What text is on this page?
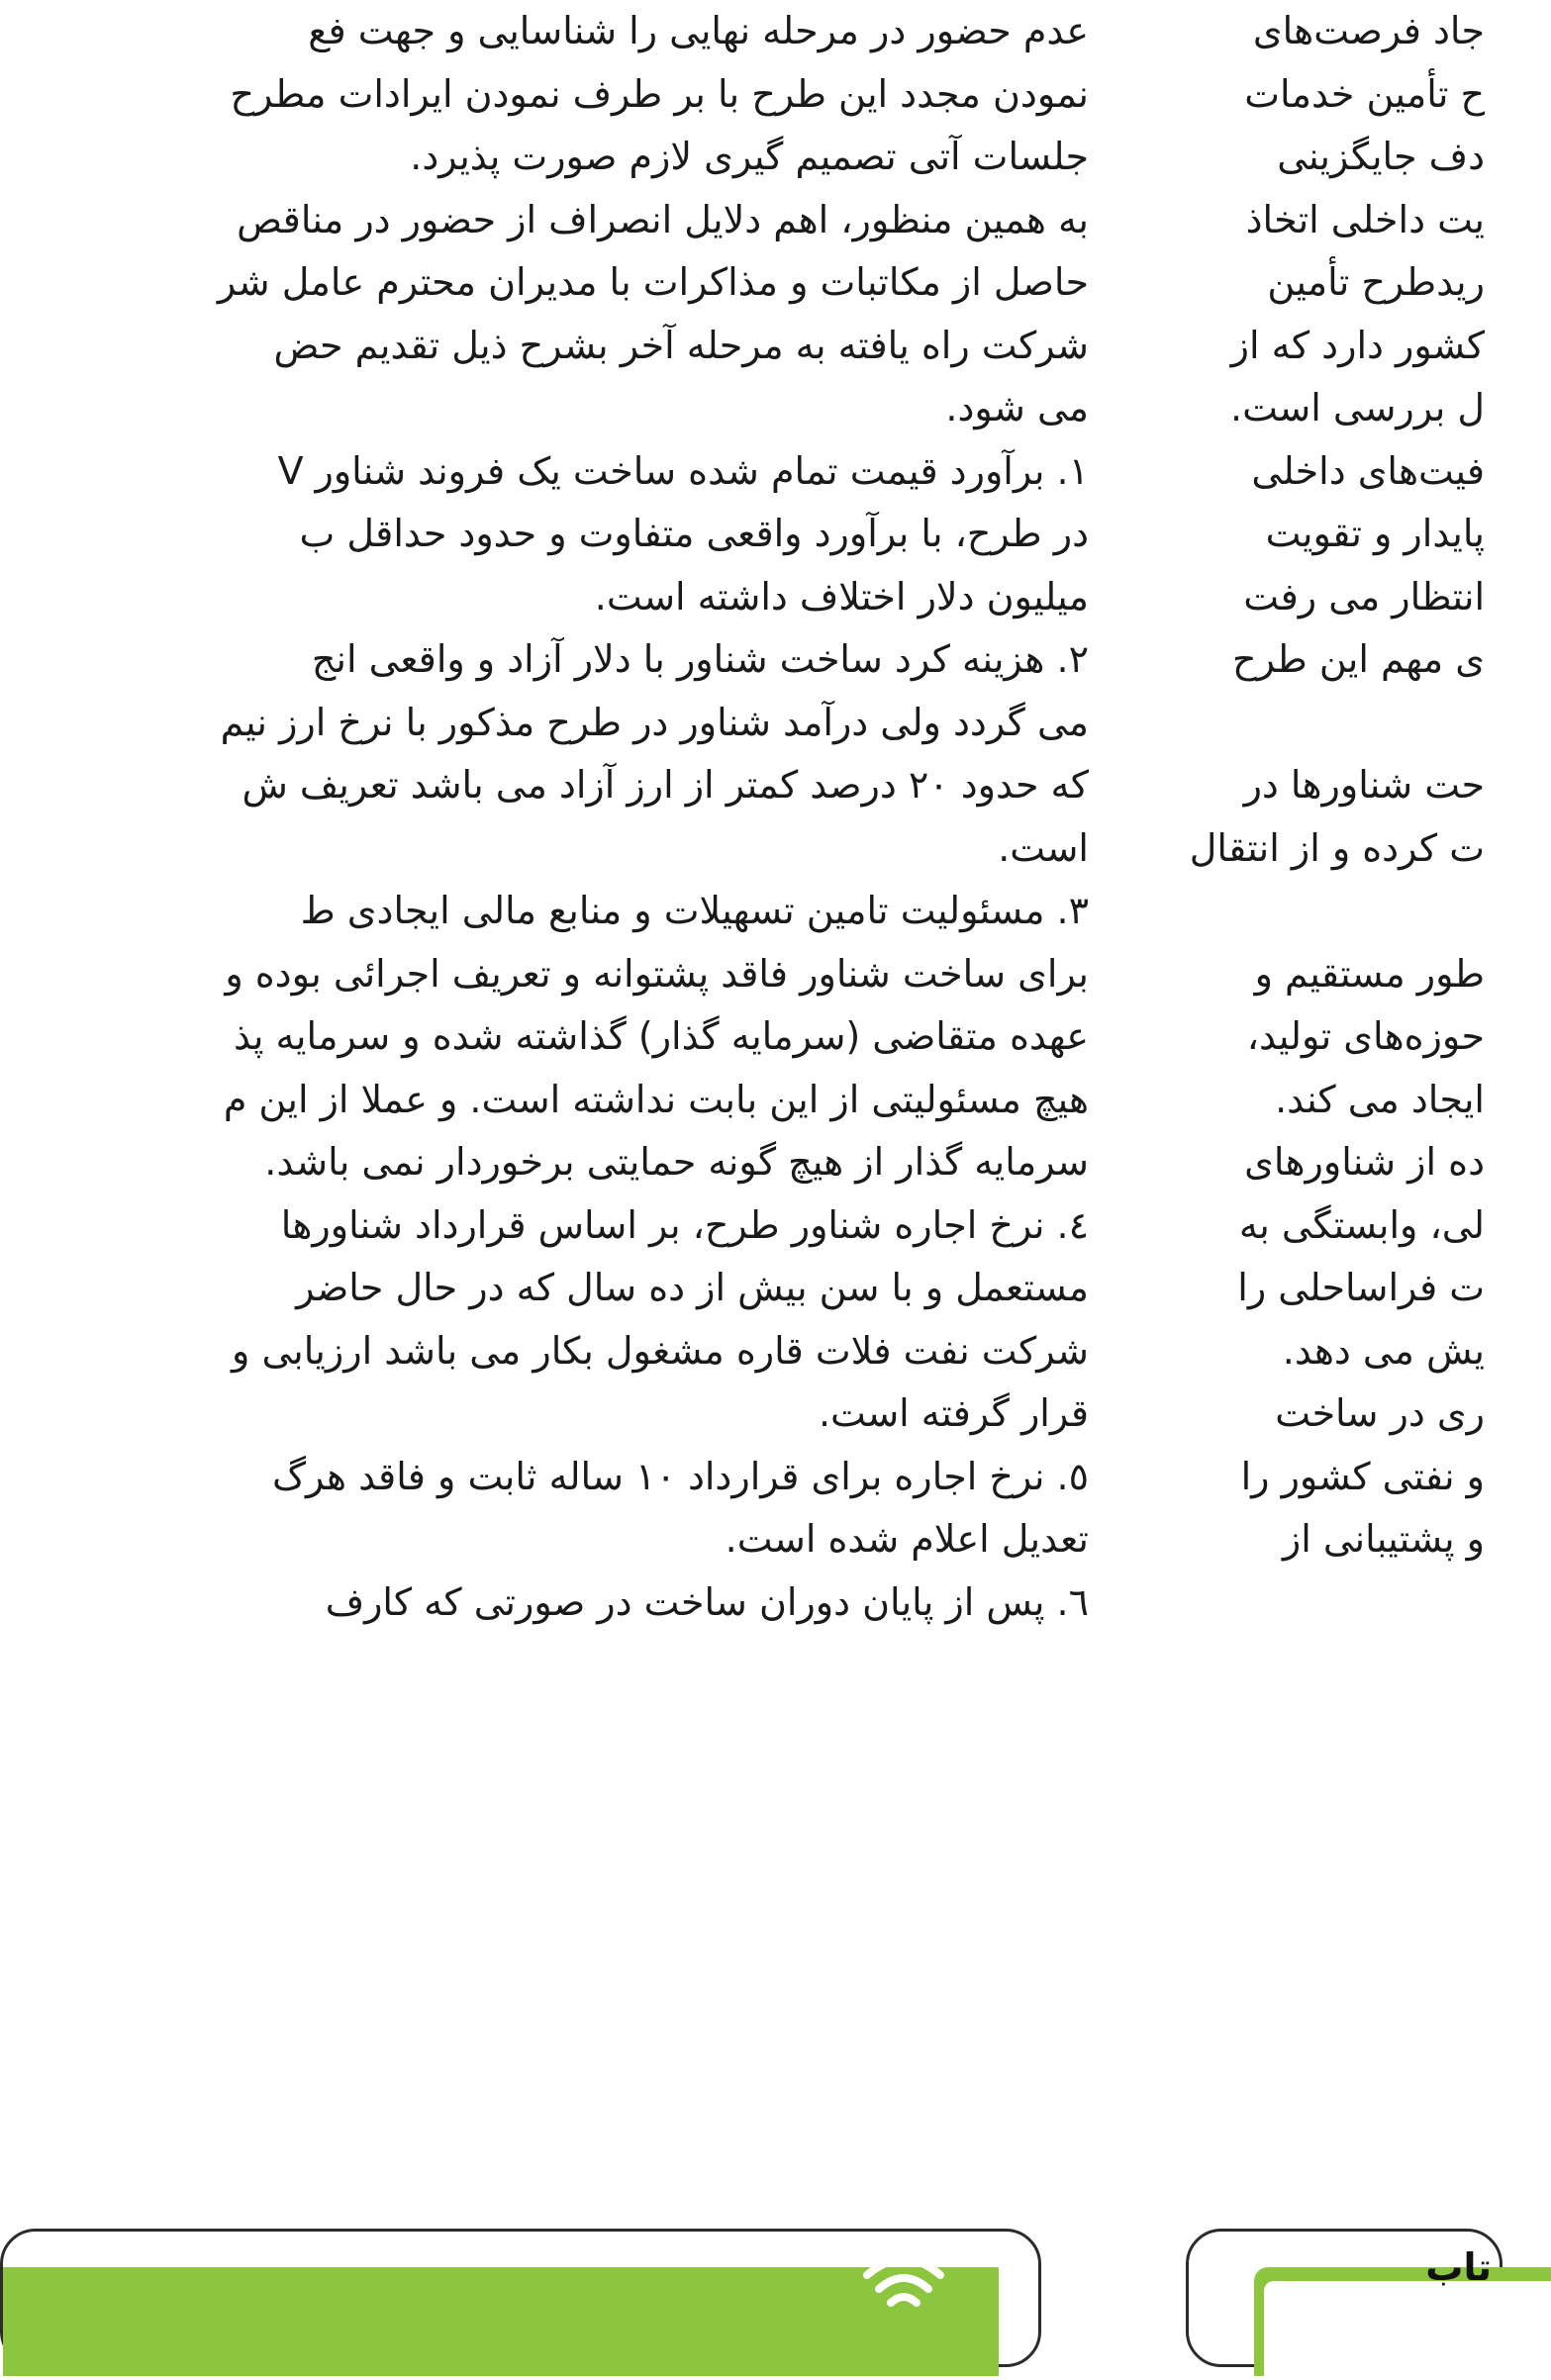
عدم حضور در مرحله نهایی را شناسایی و جهت فع
نمودن مجدد این طرح با بر طرف نمودن ایرادات مطرح
جلسات آتی تصمیم گیری لازم صورت پذیرد.
به همین منظور، اهم دلایل انصراف از حضور در مناقص
حاصل از مکاتبات و مذاکرات با مدیران محترم عامل شر
شرکت راه یافته به مرحله آخر بشرح ذیل تقدیم حض
می شود.
۱. برآورد قیمت تمام شده ساخت یک فروند شناور V
در طرح، با برآورد واقعی متفاوت و حدود حداقل ب
میلیون دلار اختلاف داشته است.
۲. هزینه کرد ساخت شناور با دلار آزاد و واقعی انج
می گردد ولی درآمد شناور در طرح مذکور با نرخ ارز نیم
که حدود ۲۰ درصد کمتر از ارز آزاد می باشد تعریف ش
است.
۳. مسئولیت تامین تسهیلات و منابع مالی ایجادی ط
برای ساخت شناور فاقد پشتوانه و تعریف اجرائی بوده و
عهده متقاضی (سرمایه گذار) گذاشته شده و سرمایه پذ
هیچ مسئولیتی از این بابت نداشته است. و عملا از این م
سرمایه گذار از هیچ گونه حمایتی برخوردار نمی باشد.
٤. نرخ اجاره شناور طرح، بر اساس قرارداد شناورها
مستعمل و با سن بیش از ده سال که در حال حاضر
شرکت نفت فلات قاره مشغول بکار می باشد ارزیابی و
قرار گرفته است.
٥. نرخ اجاره برای قرارداد ۱۰ ساله ثابت و فاقد هرگ
تعدیل اعلام شده است.
٦. پس از پایان دوران ساخت در صورتی که کارف
جاد فرصت‌های
ح تأمین خدمات
دف جایگزینی
یت داخلی اتخاذ
ریدطرح تأمین
کشور دارد که از
ل بررسی است.
فیت‌های داخلی
پایدار و تقویت
انتظار می رفت
ی مهم این طرح
حت شناورها در
ت کرده و از انتقال
طور مستقیم و
حوزه‌های تولید،
ایجاد می کند.
ده از شناورهای
لی، وابستگی به
ت فراساحلی را
یش می دهد.
ری در ساخت
و نفتی کشور را
و پشتیبانی از
تاب
